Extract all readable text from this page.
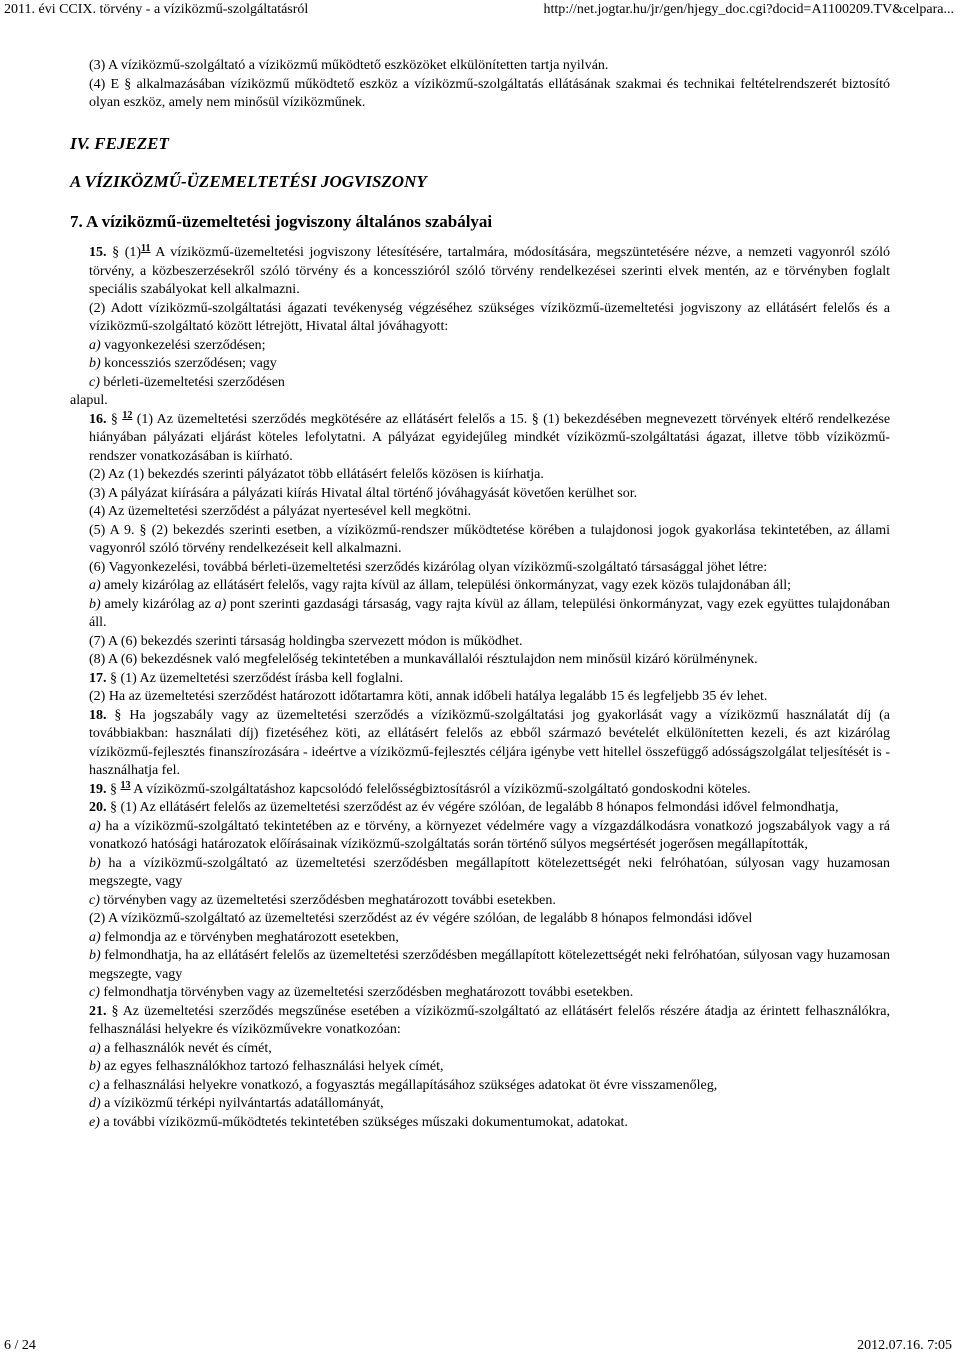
2011. évi CCIX. törvény - a víziközmű-szolgáltatásról	http://net.jogtar.hu/jr/gen/hjegy_doc.cgi?docid=A1100209.TV&celpara...

(3) A víziközmű-szolgáltató a víziközmű működtető eszközöket elkülönítetten tartja nyilván.

(4) E § alkalmazásában víziközmű működtető eszköz a víziközmű-szolgáltatás ellátásának szakmai és technikai feltételrendszerét biztosító olyan eszköz, amely nem minősül víziközműnek.

IV. FEJEZET

A VÍZIKÖZMŰ-ÜZEMELTETÉSI JOGVISZONY

7. A víziközmű-üzemeltetési jogviszony általános szabályai

15. § $(1)^{11}$ A víziközmű-üzemeltetési jogviszony létesítésére, tartalmára, módosítására, megszüntetésére nézve, a nemzeti vagyonról szóló törvény, a közbeszerzésekről szóló törvény és a koncesszióról szóló törvény rendelkezései szerinti elvek mentén, az e törvényben foglalt speciális szabályokat kell alkalmazni.

(2) Adott víziközmű-szolgáltatási ágazati tevékenység végzéséhez szükséges víziközmű-üzemeltetési jogviszony az ellátásért felelős és a víziközmű-szolgáltató között létrejött, Hivatal által jóváhagyott:

a) vagyonkezelési szerződésen;

b) koncessziós szerződésen; vagy

c) bérleti-üzemeltetési szerződésen

alapul.

16. § $^{12}$ (1) Az üzemeltetési szerződés megkötésére az ellátásért felelős a 15. § (1) bekezdésében megnevezett törvények eltérő rendelkezése hiányában pályázati eljárást köteles lefolytatni. A pályázat egyidejűleg mindkét víziközmű-szolgáltatási ágazat, illetve több víziközmű-rendszer vonatkozásában is kiírható.

(2) Az (1) bekezdés szerinti pályázatot több ellátásért felelős közösen is kiírhatja.

(3) A pályázat kiírására a pályázati kiírás Hivatal által történő jóváhagyását követően kerülhet sor.

(4) Az üzemeltetési szerződést a pályázat nyertesével kell megkötni.

(5) A 9. § (2) bekezdés szerinti esetben, a víziközmű-rendszer működtetése körében a tulajdonosi jogok gyakorlása tekintetében, az állami vagyonról szóló törvény rendelkezéseit kell alkalmazni.

(6) Vagyonkezelési, továbbá bérleti-üzemeltetési szerződés kizárólag olyan víziközmű-szolgáltató társasággal jöhet létre:

a) amely kizárólag az ellátásért felelős, vagy rajta kívül az állam, települési önkormányzat, vagy ezek közös tulajdonában áll;

b) amely kizárólag az a) pont szerinti gazdasági társaság, vagy rajta kívül az állam, települési önkormányzat, vagy ezek együttes tulajdonában áll.

(7) A (6) bekezdés szerinti társaság holdingba szervezett módon is működhet.

(8) A (6) bekezdésnek való megfelelőség tekintetében a munkavállalói résztulajdon nem minősül kizáró körülménynek.

17. § (1) Az üzemeltetési szerződést írásba kell foglalni.

(2) Ha az üzemeltetési szerződést határozott időtartamra köti, annak időbeli hatálya legalább 15 és legfeljebb 35 év lehet.

18. § Ha jogszabály vagy az üzemeltetési szerződés a víziközmű-szolgáltatási jog gyakorlását vagy a víziközmű használatát díj (a továbbiakban: használati díj) fizetéséhez köti, az ellátásért felelős az ebből származó bevételét elkülönítetten kezeli, és azt kizárólag víziközmű-fejlesztés finanszírozására - ideértve a víziközmű-fejlesztés céljára igénybe vett hitellel összefüggő adósságszolgálat teljesítését is - használhatja fel.

19. § $^{13}$ A víziközmű-szolgáltatáshoz kapcsolódó felelősségbiztosításról a víziközmű-szolgáltató gondoskodni köteles.

20. § (1) Az ellátásért felelős az üzemeltetési szerződést az év végére szólóan, de legalább 8 hónapos felmondási idővel felmondhatja,

a) ha a víziközmű-szolgáltató tekintetében az e törvény, a környezet védelmére vagy a vízgazdálkodásra vonatkozó jogszabályok vagy a rá vonatkozó hatósági határozatok előírásainak víziközmű-szolgáltatás során történő súlyos megsértését jogerősen megállapították,

b) ha a víziközmű-szolgáltató az üzemeltetési szerződésben megállapított kötelezettségét neki felróhatóan, súlyosan vagy huzamosan megszegte, vagy

c) törvényben vagy az üzemeltetési szerződésben meghatározott további esetekben.

(2) A víziközmű-szolgáltató az üzemeltetési szerződést az év végére szólóan, de legalább 8 hónapos felmondási idővel

a) felmondja az e törvényben meghatározott esetekben,

b) felmondhatja, ha az ellátásért felelős az üzemeltetési szerződésben megállapított kötelezettségét neki felróhatóan, súlyosan vagy huzamosan megszegte, vagy

c) felmondhatja törvényben vagy az üzemeltetési szerződésben meghatározott további esetekben.

21. § Az üzemeltetési szerződés megszűnése esetében a víziközmű-szolgáltató az ellátásért felelős részére átadja az érintett felhasználókra, felhasználási helyekre és víziközművekre vonatkozóan:

a) a felhasználók nevét és címét,

b) az egyes felhasználókhoz tartozó felhasználási helyek címét,

c) a felhasználási helyekre vonatkozó, a fogyasztás megállapításához szükséges adatokat öt évre visszamenőleg,

d) a víziközmű térképi nyilvántartás adatállományát,

e) a további víziközmű-működtetés tekintetében szükséges műszaki dokumentumokat, adatokat.

6 / 24	2012.07.16. 7:05
